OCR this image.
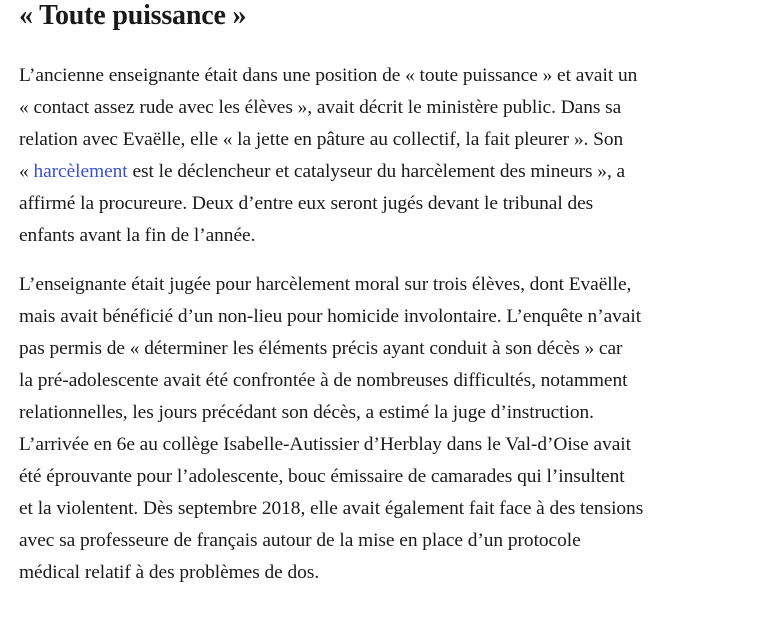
« Toute puissance »

L’ancienne enseignante était dans une position de « toute puissance » et avait un
« contact assez rude avec les élèves », avait décrit le ministère public. Dans sa
relation avec Evaëlle, elle « la jette en pâture au collectif, la fait pleurer ». Son
« harcèlement est le déclencheur et catalyseur du harcèlement des mineurs », a
affirmé la procureure. Deux d’entre eux seront jugés devant le tribunal des
enfants avant la fin de l’année.

L’enseignante était jugée pour harcèlement moral sur trois élèves, dont Evaëlle,
mais avait bénéficié d’un non-lieu pour homicide involontaire. L’enquête n’avait
pas permis de « déterminer les éléments précis ayant conduit à son décès » car
la pré-adolescente avait été confrontée à de nombreuses difficultés, notamment
relationnelles, les jours précédant son décès, a estimé la juge d’instruction.
L’arrivée en 6e au collège Isabelle-Autissier d’Herblay dans le Val-d’Oise avait
été éprouvante pour l’adolescente, bouc émissaire de camarades qui l’insultent
et la violentent. Dès septembre 2018, elle avait également fait face à des tensions
avec sa professeure de français autour de la mise en place d’un protocole
médical relatif à des problèmes de dos.
